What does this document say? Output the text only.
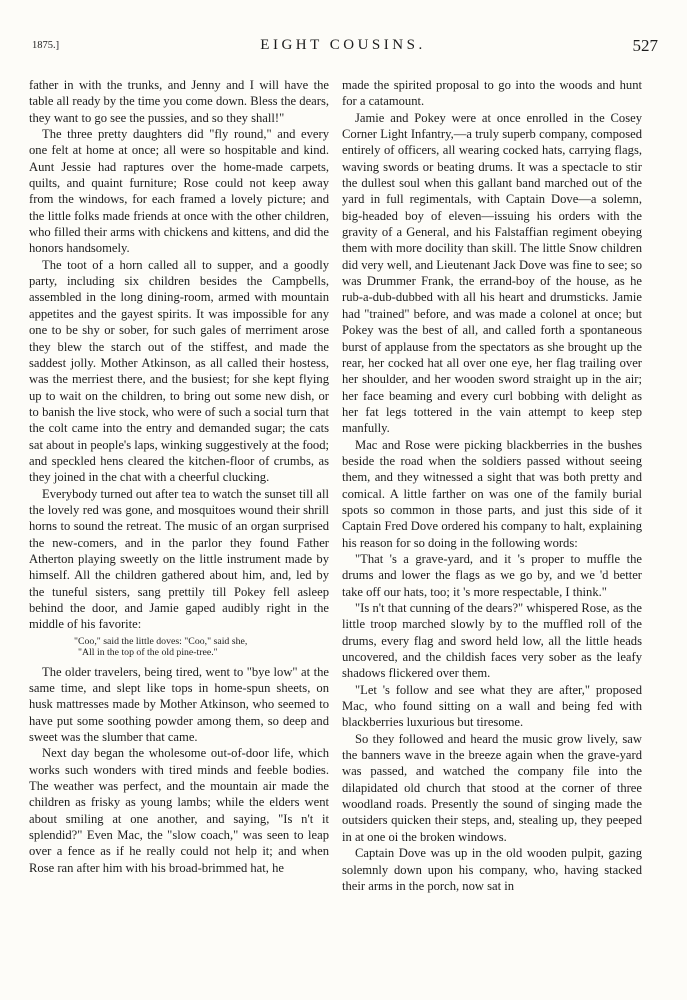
1875.]	EIGHT COUSINS.	527

father in with the trunks, and Jenny and I will have the table all ready by the time you come down. Bless the dears, they want to go see the pussies, and so they shall!"

The three pretty daughters did "fly round," and every one felt at home at once; all were so hospitable and kind. Aunt Jessie had raptures over the home-made carpets, quilts, and quaint furniture; Rose could not keep away from the windows, for each framed a lovely picture; and the little folks made friends at once with the other children, who filled their arms with chickens and kittens, and did the honors handsomely.

The toot of a horn called all to supper, and a goodly party, including six children besides the Campbells, assembled in the long dining-room, armed with mountain appetites and the gayest spirits. It was impossible for any one to be shy or sober, for such gales of merriment arose they blew the starch out of the stiffest, and made the saddest jolly. Mother Atkinson, as all called their hostess, was the merriest there, and the busiest; for she kept flying up to wait on the children, to bring out some new dish, or to banish the live stock, who were of such a social turn that the colt came into the entry and demanded sugar; the cats sat about in people's laps, winking suggestively at the food; and speckled hens cleared the kitchen-floor of crumbs, as they joined in the chat with a cheerful clucking.

Everybody turned out after tea to watch the sunset till all the lovely red was gone, and mosquitoes wound their shrill horns to sound the retreat. The music of an organ surprised the new-comers, and in the parlor they found Father Atherton playing sweetly on the little instrument made by himself. All the children gathered about him, and, led by the tuneful sisters, sang prettily till Pokey fell asleep behind the door, and Jamie gaped audibly right in the middle of his favorite:

"Coo," said the little doves: "Coo," said she,
"All in the top of the old pine-tree."

The older travelers, being tired, went to "bye low" at the same time, and slept like tops in home-spun sheets, on husk mattresses made by Mother Atkinson, who seemed to have put some soothing powder among them, so deep and sweet was the slumber that came.

Next day began the wholesome out-of-door life, which works such wonders with tired minds and feeble bodies. The weather was perfect, and the mountain air made the children as frisky as young lambs; while the elders went about smiling at one another, and saying, "Is n't it splendid?" Even Mac, the "slow coach," was seen to leap over a fence as if he really could not help it; and when Rose ran after him with his broad-brimmed hat, he

made the spirited proposal to go into the woods and hunt for a catamount.

Jamie and Pokey were at once enrolled in the Cosey Corner Light Infantry,—a truly superb company, composed entirely of officers, all wearing cocked hats, carrying flags, waving swords or beating drums. It was a spectacle to stir the dullest soul when this gallant band marched out of the yard in full regimentals, with Captain Dove—a solemn, big-headed boy of eleven—issuing his orders with the gravity of a General, and his Falstaffian regiment obeying them with more docility than skill. The little Snow children did very well, and Lieutenant Jack Dove was fine to see; so was Drummer Frank, the errand-boy of the house, as he rub-a-dub-dubbed with all his heart and drumsticks. Jamie had "trained" before, and was made a colonel at once; but Pokey was the best of all, and called forth a spontaneous burst of applause from the spectators as she brought up the rear, her cocked hat all over one eye, her flag trailing over her shoulder, and her wooden sword straight up in the air; her face beaming and every curl bobbing with delight as her fat legs tottered in the vain attempt to keep step manfully.

Mac and Rose were picking blackberries in the bushes beside the road when the soldiers passed without seeing them, and they witnessed a sight that was both pretty and comical. A little farther on was one of the family burial spots so common in those parts, and just this side of it Captain Fred Dove ordered his company to halt, explaining his reason for so doing in the following words:

"That 's a grave-yard, and it 's proper to muffle the drums and lower the flags as we go by, and we 'd better take off our hats, too; it 's more respectable, I think."

"Is n't that cunning of the dears?" whispered Rose, as the little troop marched slowly by to the muffled roll of the drums, every flag and sword held low, all the little heads uncovered, and the childish faces very sober as the leafy shadows flickered over them.

"Let 's follow and see what they are after," proposed Mac, who found sitting on a wall and being fed with blackberries luxurious but tiresome.

So they followed and heard the music grow lively, saw the banners wave in the breeze again when the grave-yard was passed, and watched the company file into the dilapidated old church that stood at the corner of three woodland roads. Presently the sound of singing made the outsiders quicken their steps, and, stealing up, they peeped in at one oi the broken windows.

Captain Dove was up in the old wooden pulpit, gazing solemnly down upon his company, who, having stacked their arms in the porch, now sat in
